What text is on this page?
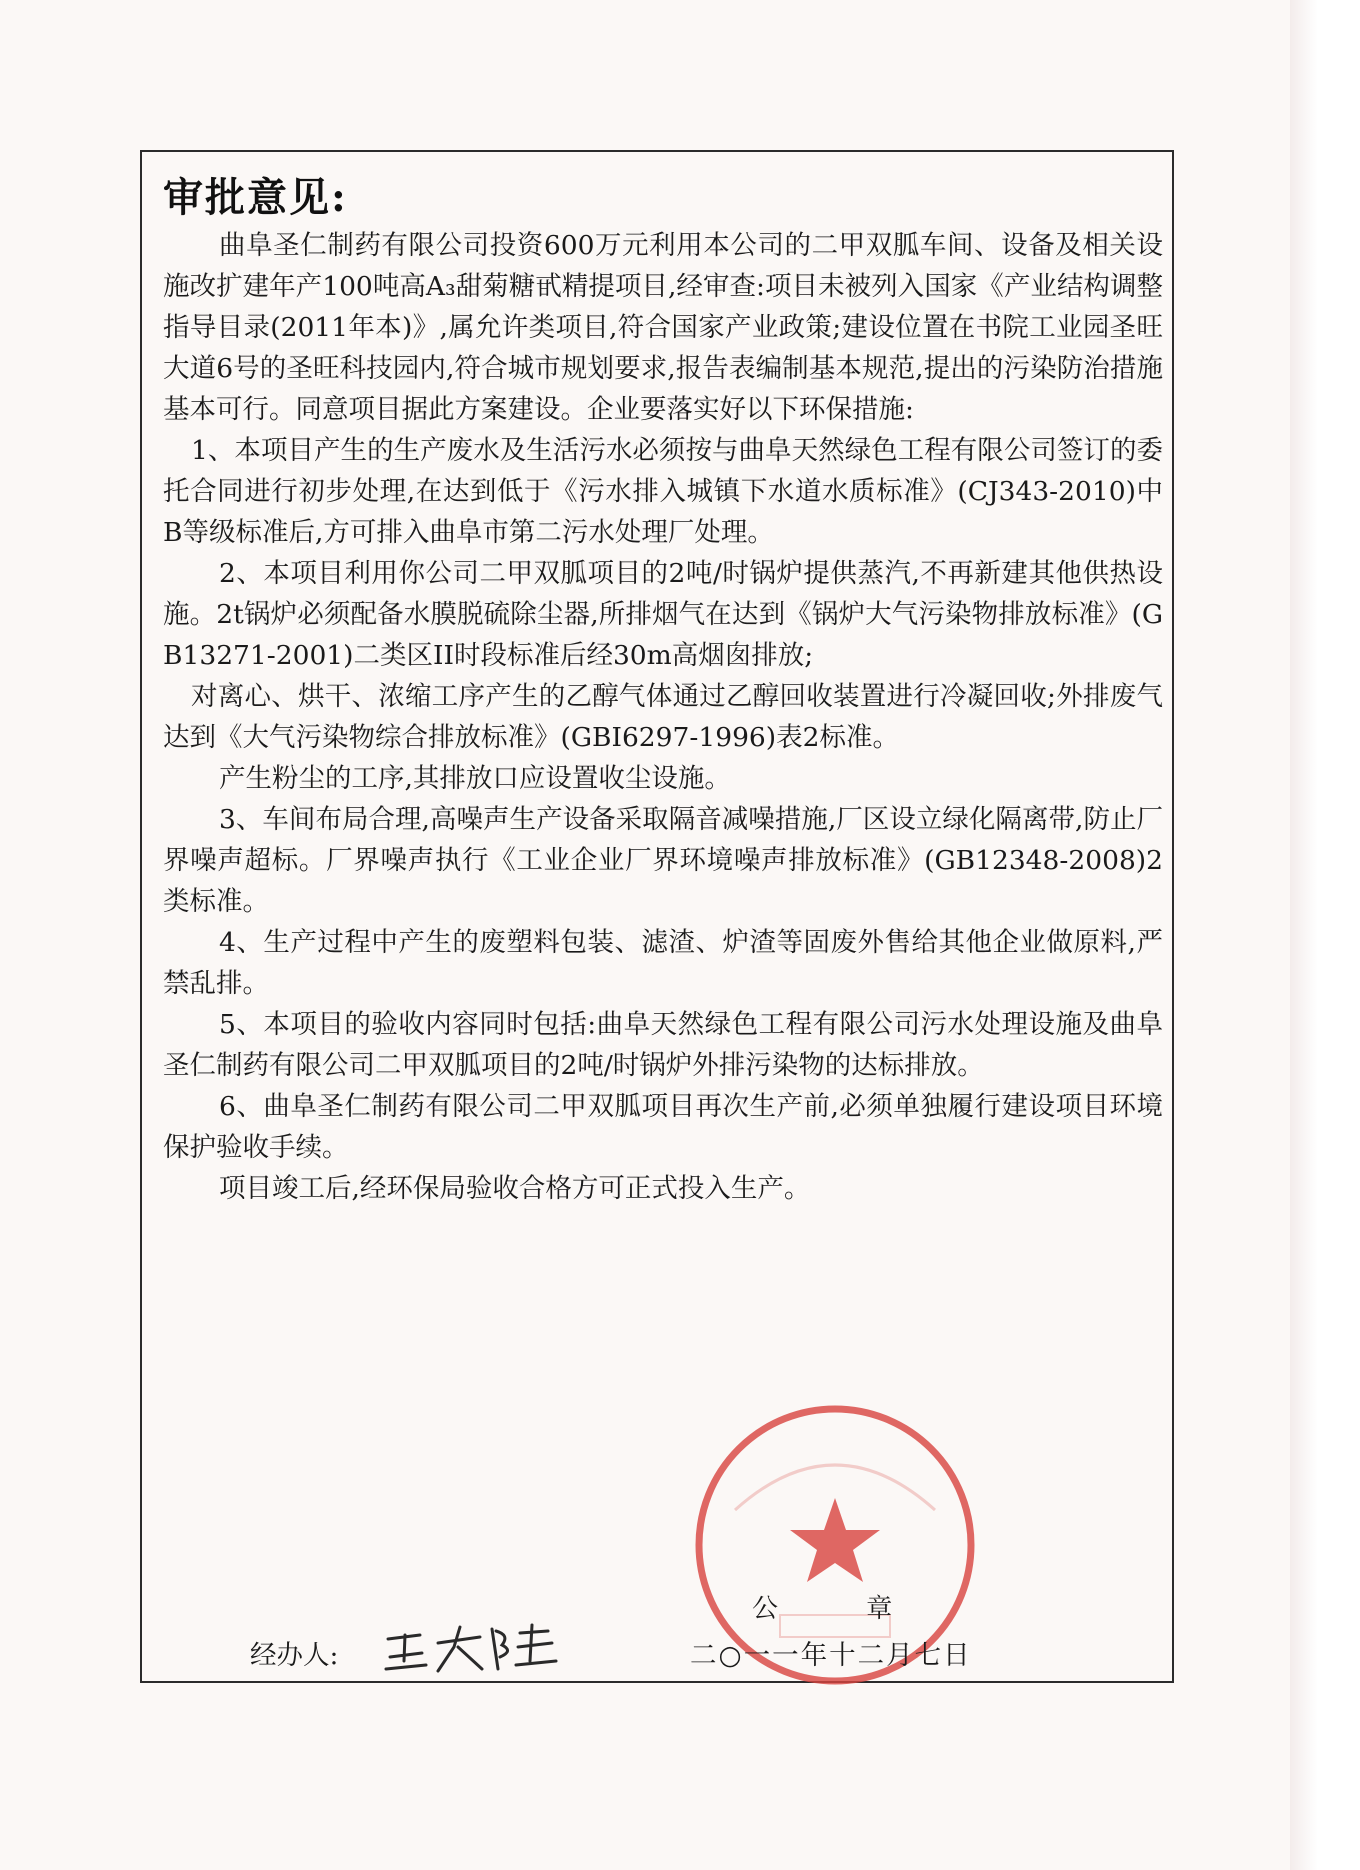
审批意见:

曲阜圣仁制药有限公司投资600万元利用本公司的二甲双胍车间、设备及相关设施改扩建年产100吨高A₃甜菊糖甙精提项目,经审查:项目未被列入国家《产业结构调整指导目录(2011年本)》,属允许类项目,符合国家产业政策;建设位置在书院工业园圣旺大道6号的圣旺科技园内,符合城市规划要求,报告表编制基本规范,提出的污染防治措施基本可行。同意项目据此方案建设。企业要落实好以下环保措施:

1、本项目产生的生产废水及生活污水必须按与曲阜天然绿色工程有限公司签订的委托合同进行初步处理,在达到低于《污水排入城镇下水道水质标准》(CJ343-2010)中B等级标准后,方可排入曲阜市第二污水处理厂处理。

2、本项目利用你公司二甲双胍项目的2吨/时锅炉提供蒸汽,不再新建其他供热设施。2t锅炉必须配备水膜脱硫除尘器,所排烟气在达到《锅炉大气污染物排放标准》(GB13271-2001)二类区II时段标准后经30m高烟囱排放;

对离心、烘干、浓缩工序产生的乙醇气体通过乙醇回收装置进行冷凝回收;外排废气达到《大气污染物综合排放标准》(GBI6297-1996)表2标准。

产生粉尘的工序,其排放口应设置收尘设施。

3、车间布局合理,高噪声生产设备采取隔音减噪措施,厂区设立绿化隔离带,防止厂界噪声超标。厂界噪声执行《工业企业厂界环境噪声排放标准》(GB12348-2008)2类标准。

4、生产过程中产生的废塑料包装、滤渣、炉渣等固废外售给其他企业做原料,严禁乱排。

5、本项目的验收内容同时包括:曲阜天然绿色工程有限公司污水处理设施及曲阜圣仁制药有限公司二甲双胍项目的2吨/时锅炉外排污染物的达标排放。

6、曲阜圣仁制药有限公司二甲双胍项目再次生产前,必须单独履行建设项目环境保护验收手续。

项目竣工后,经环保局验收合格方可正式投入生产。

公 章
经办人:	二○一一年十二月七日
